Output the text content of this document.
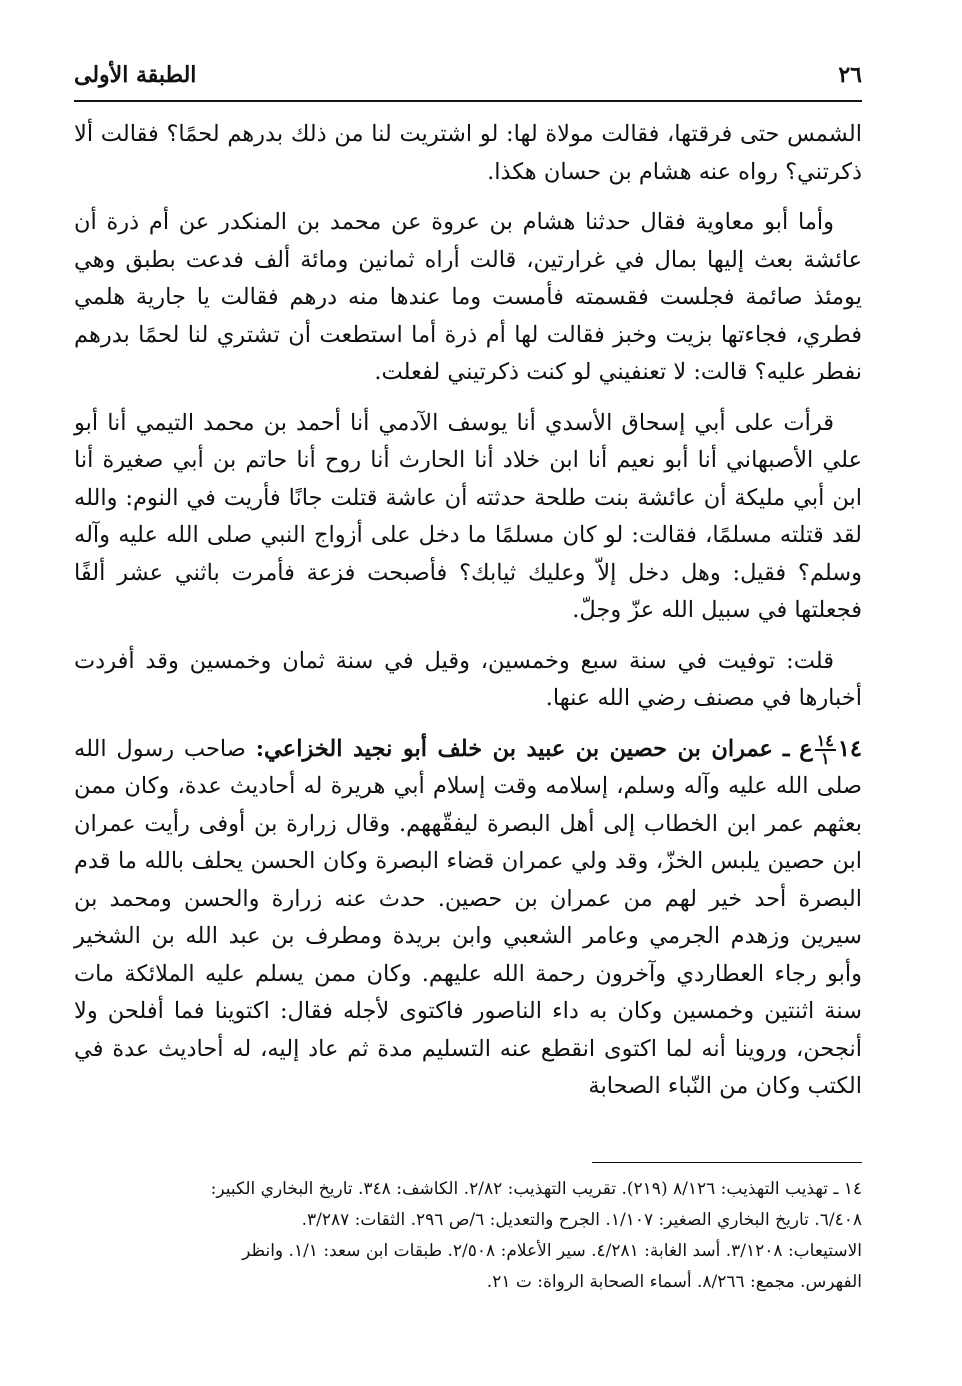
٢٦
الطبقة الأولى

الشمس حتى فرقتها، فقالت مولاة لها: لو اشتريت لنا من ذلك بدرهم لحمًا؟ فقالت ألا ذكرتني؟ رواه عنه هشام بن حسان هكذا.

وأما أبو معاوية فقال حدثنا هشام بن عروة عن محمد بن المنكدر عن أم ذرة أن عائشة بعث إليها بمال في غرارتين، قالت أراه ثمانين ومائة ألف فدعت بطبق وهي يومئذ صائمة فجلست فقسمته فأمست وما عندها منه درهم فقالت يا جارية هلمي فطري، فجاءتها بزيت وخبز فقالت لها أم ذرة أما استطعت أن تشتري لنا لحمًا بدرهم نفطر عليه؟ قالت: لا تعنفيني لو كنت ذكرتيني لفعلت.

قرأت على أبي إسحاق الأسدي أنا يوسف الآدمي أنا أحمد بن محمد التيمي أنا أبو علي الأصبهاني أنا أبو نعيم أنا ابن خلاد أنا الحارث أنا روح أنا حاتم بن أبي صغيرة أنا ابن أبي مليكة أن عائشة بنت طلحة حدثته أن عاشة قتلت جانًا فأريت في النوم: والله لقد قتلته مسلمًا، فقالت: لو كان مسلمًا ما دخل على أزواج النبي صلى الله عليه وآله وسلم؟ فقيل: وهل دخل إلاّ وعليك ثيابك؟ فأصبحت فزعة فأمرت باثني عشر ألفًا فجعلتها في سبيل الله عزّ وجلّ.

قلت: توفيت في سنة سبع وخمسين، وقيل في سنة ثمان وخمسين وقد أفردت أخبارها في مصنف رضي الله عنها.

١٤
$\frac{١٤}{١}$
ع ـ عمران بن حصين بن عبيد بن خلف أبو نجيد الخزاعي: صاحب رسول الله صلى الله عليه وآله وسلم، إسلامه وقت إسلام أبي هريرة له أحاديث عدة، وكان ممن بعثهم عمر ابن الخطاب إلى أهل البصرة ليفقّههم. وقال زرارة بن أوفى رأيت عمران ابن حصين يلبس الخزّ، وقد ولي عمران قضاء البصرة وكان الحسن يحلف بالله ما قدم البصرة أحد خير لهم من عمران بن حصين. حدث عنه زرارة والحسن ومحمد بن سيرين وزهدم الجرمي وعامر الشعبي وابن بريدة ومطرف بن عبد الله بن الشخير وأبو رجاء العطاردي وآخرون رحمة الله عليهم. وكان ممن يسلم عليه الملائكة مات سنة اثنتين وخمسين وكان به داء الناصور فاكتوى لأجله فقال: اكتوينا فما أفلحن ولا أنجحن، وروينا أنه لما اكتوى انقطع عنه التسليم مدة ثم عاد إليه، له أحاديث عدة في الكتب وكان من النّباء الصحابة

١٤ ـ تهذيب التهذيب: ٨/١٢٦ (٢١٩). تقريب التهذيب: ٢/٨٢. الكاشف: ٣٤٨. تاريخ البخاري الكبير:

٦/٤٠٨. تاريخ البخاري الصغير: ١/١٠٧. الجرح والتعديل: ٦/ص ٢٩٦. الثقات: ٣/٢٨٧.

الاستيعاب: ٣/١٢٠٨. أسد الغابة: ٤/٢٨١. سير الأعلام: ٢/٥٠٨. طبقات ابن سعد: ١/١. وانظر

الفهرس. مجمع: ٨/٢٦٦. أسماء الصحابة الرواة: ت ٢١.
